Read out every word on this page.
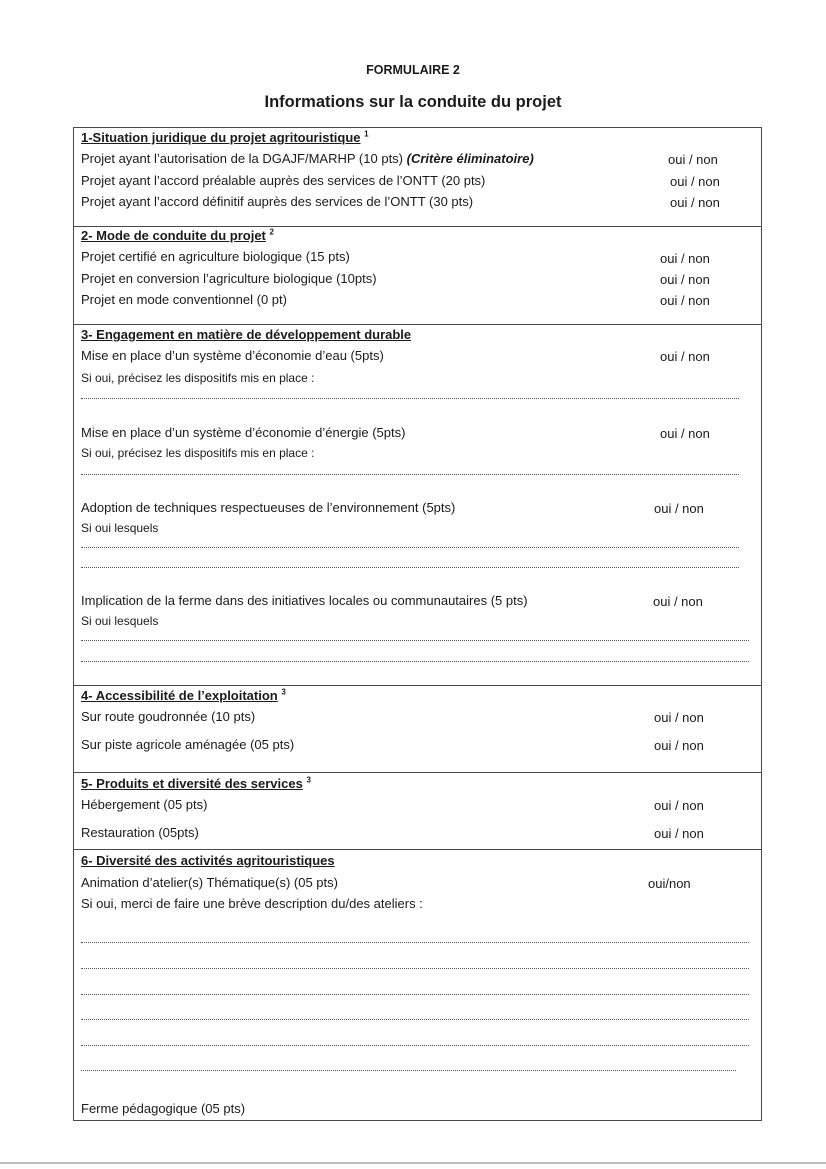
FORMULAIRE 2
Informations sur la conduite du projet
1-Situation juridique du projet agritouristique $^1$
Projet ayant l’autorisation de la DGAJF/MARHP (10 pts) (Critère éliminatoire)	oui / non
Projet ayant l’accord préalable auprès des services de l’ONTT (20 pts)	oui / non
Projet ayant l’accord définitif auprès des services de l’ONTT (30 pts)	oui / non
2- Mode de conduite du projet $^2$
Projet certifié en agriculture biologique (15 pts)	oui / non
Projet en conversion l’agriculture biologique (10pts)	oui / non
Projet en mode conventionnel (0 pt)	oui / non
3- Engagement en matière de développement durable
Mise en place d’un système d’économie d’eau (5pts)	oui / non
Si oui, précisez les dispositifs mis en place :
Mise en place d’un système d’économie d’énergie (5pts)	oui / non
Si oui, précisez les dispositifs mis en place :
Adoption de techniques respectueuses de l’environnement (5pts)	oui / non
Si oui lesquels
Implication de la ferme dans des initiatives locales ou communautaires (5 pts)	oui / non
Si oui lesquels
4- Accessibilité de l’exploitation $^3$
Sur route goudronnée (10 pts)	oui / non
Sur piste agricole aménagée (05 pts)	oui / non
5- Produits et diversité des services $^3$
Hébergement (05 pts)	oui / non
Restauration (05pts)	oui / non
6- Diversité des activités agritouristiques
Animation d’atelier(s) Thématique(s) (05 pts)	oui/non
Si oui, merci de faire une brève description du/des ateliers :
Ferme pédagogique (05 pts)
